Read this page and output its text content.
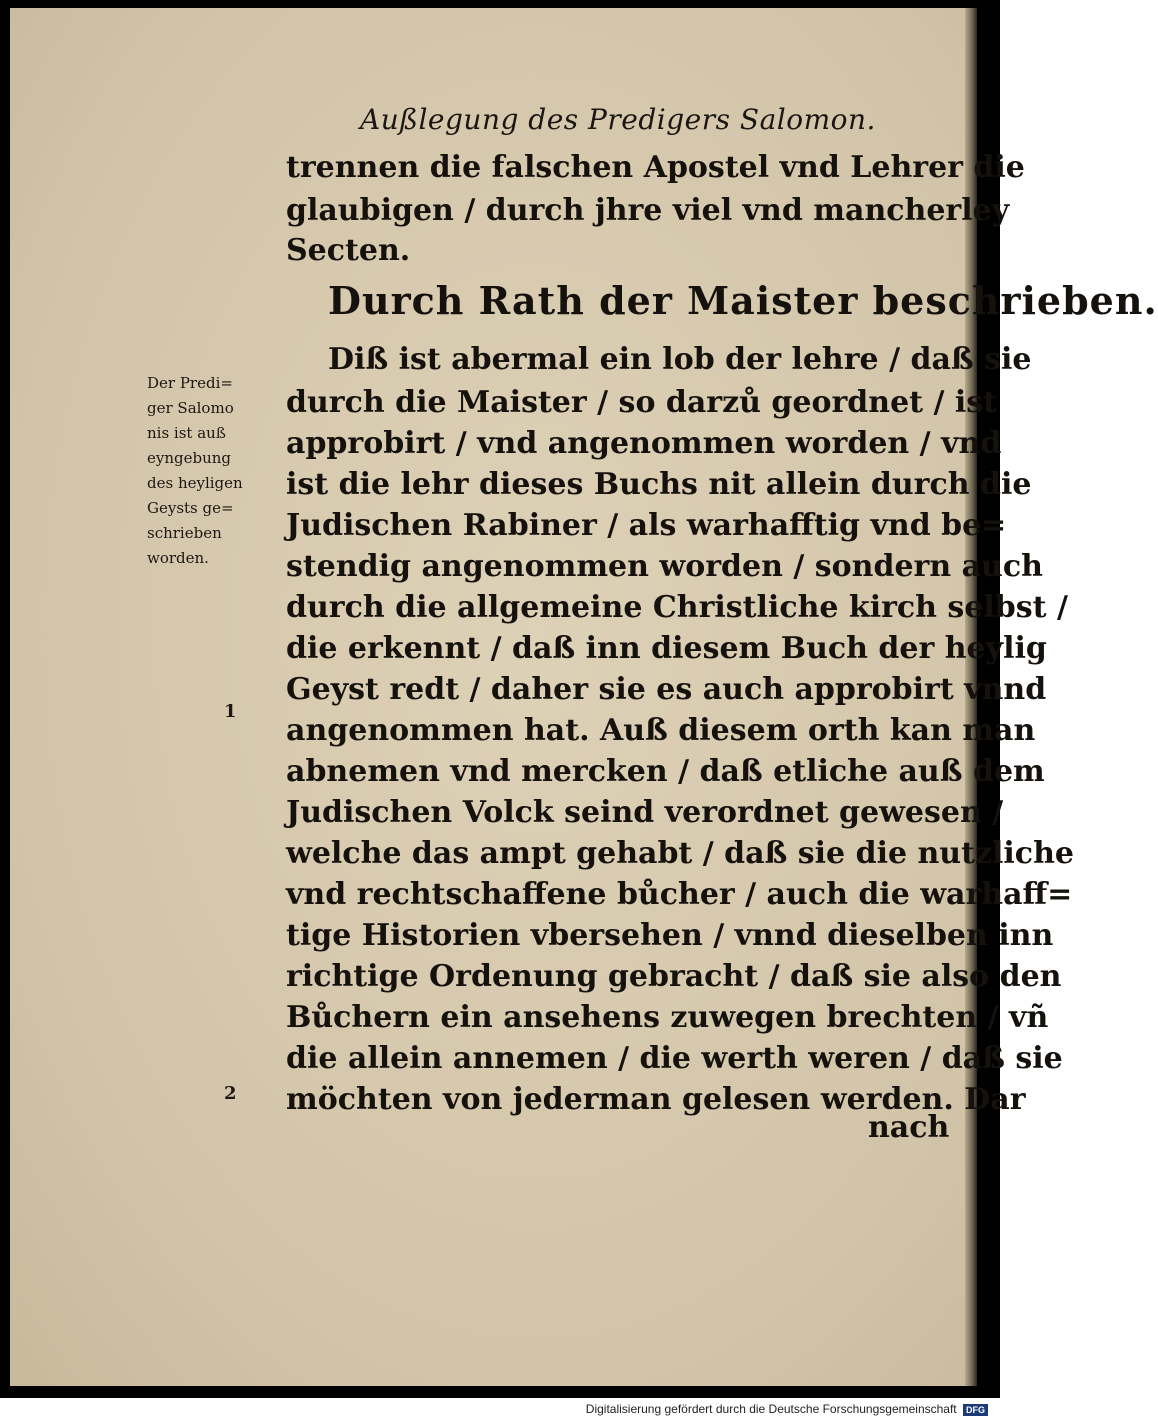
Außlegung des Predigers Salomon.
trennen die falschen Apostel vnd Lehrer die
glaubigen / durch jhre viel vnd mancherley
Secten.
Durch Rath der Maister beschrieben.
Diß ist abermal ein lob der lehre / daß sie
durch die Maister / so darzů geordnet / ist
approbirt / vnd angenommen worden / vnd
ist die lehr dieses Buchs nit allein durch die
Judischen Rabiner / als warhafftig vnd be=
stendig angenommen worden / sondern auch
durch die allgemeine Christliche kirch selbst /
die erkennt / daß inn diesem Buch der heylig
Geyst redt / daher sie es auch approbirt vnnd
angenommen hat. Auß diesem orth kan man
abnemen vnd mercken / daß etliche auß dem
Judischen Volck seind verordnet gewesen /
welche das ampt gehabt / daß sie die nutzliche
vnd rechtschaffene bůcher / auch die warhaff=
tige Historien vbersehen / vnnd dieselben inn
richtige Ordenung gebracht / daß sie also den
Bůchern ein ansehens zuwegen brechten / vñ
die allein annemen / die werth weren / daß sie
möchten von jederman gelesen werden. Dar
nach
Der Predi=
ger Salomo
nis ist auß
eyngebung
des heyligen
Geysts ge=
schrieben
worden.
1
2
Digitalisierung gefördert durch die Deutsche Forschungsgemeinschaft DFG
